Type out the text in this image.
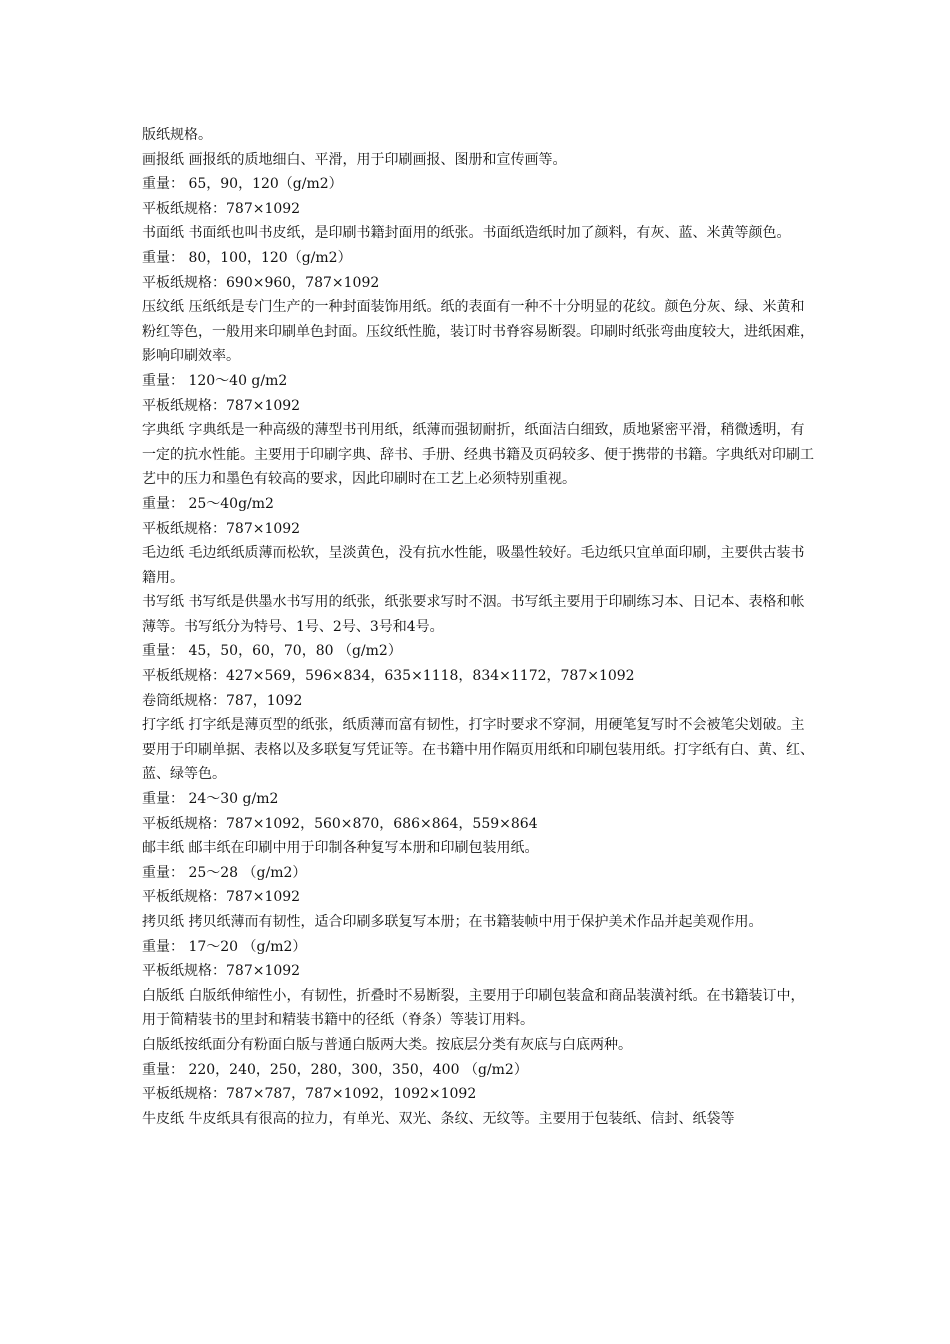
版纸规格。

画报纸 画报纸的质地细白、平滑，用于印刷画报、图册和宣传画等。

重量： 65，90，120（g/m2）

平板纸规格：787×1092

书面纸 书面纸也叫书皮纸，是印刷书籍封面用的纸张。书面纸造纸时加了颜料，有灰、蓝、米黄等颜色。

重量： 80，100，120（g/m2）

平板纸规格：690×960，787×1092

压纹纸 压纸纸是专门生产的一种封面装饰用纸。纸的表面有一种不十分明显的花纹。颜色分灰、绿、米黄和粉红等色，一般用来印刷单色封面。压纹纸性脆，装订时书脊容易断裂。印刷时纸张弯曲度较大，进纸困难，影响印刷效率。

重量： 120～40 g/m2

平板纸规格：787×1092

字典纸 字典纸是一种高级的薄型书刊用纸，纸薄而强韧耐折，纸面洁白细致，质地紧密平滑，稍微透明，有一定的抗水性能。主要用于印刷字典、辞书、手册、经典书籍及页码较多、便于携带的书籍。字典纸对印刷工艺中的压力和墨色有较高的要求，因此印刷时在工艺上必须特别重视。

重量： 25～40g/m2

平板纸规格：787×1092

毛边纸 毛边纸纸质薄而松软，呈淡黄色，没有抗水性能，吸墨性较好。毛边纸只宜单面印刷，主要供古装书籍用。

书写纸 书写纸是供墨水书写用的纸张，纸张要求写时不洇。书写纸主要用于印刷练习本、日记本、表格和帐薄等。书写纸分为特号、1号、2号、3号和4号。

重量： 45，50，60，70，80 （g/m2）

平板纸规格：427×569，596×834，635×1118，834×1172，787×1092

卷筒纸规格：787，1092

打字纸 打字纸是薄页型的纸张，纸质薄而富有韧性，打字时要求不穿洞，用硬笔复写时不会被笔尖划破。主要用于印刷单据、表格以及多联复写凭证等。在书籍中用作隔页用纸和印刷包装用纸。打字纸有白、黄、红、蓝、绿等色。

重量： 24～30 g/m2

平板纸规格：787×1092，560×870，686×864，559×864

邮丰纸 邮丰纸在印刷中用于印制各种复写本册和印刷包装用纸。

重量： 25～28 （g/m2）

平板纸规格：787×1092

拷贝纸 拷贝纸薄而有韧性，适合印刷多联复写本册；在书籍装帧中用于保护美术作品并起美观作用。

重量： 17～20 （g/m2）

平板纸规格：787×1092

白版纸 白版纸伸缩性小，有韧性，折叠时不易断裂，主要用于印刷包装盒和商品装潢衬纸。在书籍装订中，用于简精装书的里封和精装书籍中的径纸（脊条）等装订用料。

白版纸按纸面分有粉面白版与普通白版两大类。按底层分类有灰底与白底两种。

重量： 220，240，250，280，300，350，400 （g/m2）

平板纸规格：787×787，787×1092，1092×1092

牛皮纸 牛皮纸具有很高的拉力，有单光、双光、条纹、无纹等。主要用于包装纸、信封、纸袋等
